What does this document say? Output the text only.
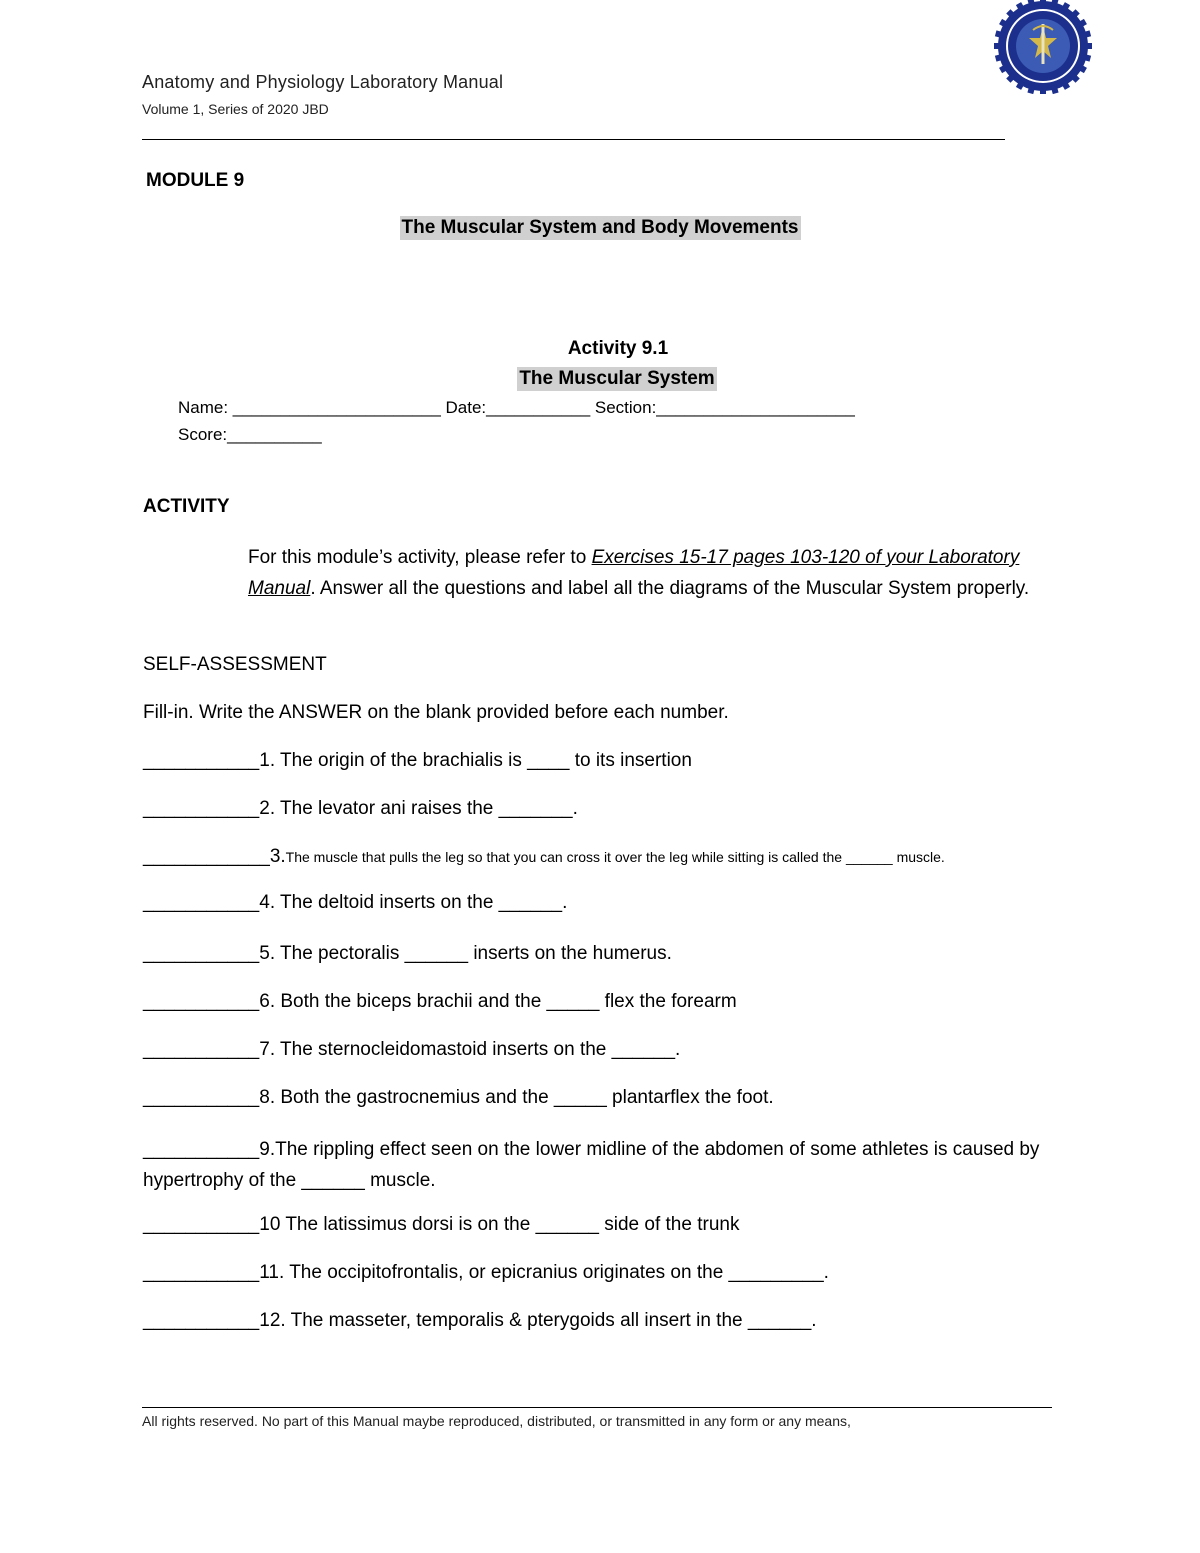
Anatomy and Physiology Laboratory Manual
Volume 1, Series of 2020 JBD
MODULE 9
The Muscular System and Body Movements
Activity 9.1
The Muscular System
Name: ______________________ Date:___________ Section:_____________________
Score:__________
ACTIVITY
For this module’s activity, please refer to Exercises 15-17 pages 103-120 of your Laboratory Manual. Answer all the questions and label all the diagrams of the Muscular System properly.
SELF-ASSESSMENT
Fill-in. Write the ANSWER on the blank provided before each number.
___________1. The origin of the brachialis is ____ to its insertion
___________2. The levator ani raises the _______.
____________3.The muscle that pulls the leg so that you can cross it over the leg while sitting is called the ______ muscle.
___________4. The deltoid inserts on the ______.
___________5. The pectoralis ______ inserts on the humerus.
___________6. Both the biceps brachii and the _____ flex the forearm
___________7. The sternocleidomastoid inserts on the ______.
___________8. Both the gastrocnemius and the _____ plantarflex the foot.
___________9.The rippling effect seen on the lower midline of the abdomen of some athletes is caused by hypertrophy of the ______ muscle.
___________10 The latissimus dorsi is on the ______ side of the trunk
___________11. The occipitofrontalis, or epicranius originates on the _________.
___________12. The masseter, temporalis & pterygoids all insert in the ______.
All rights reserved. No part of this Manual maybe reproduced, distributed, or transmitted in any form or any means,
